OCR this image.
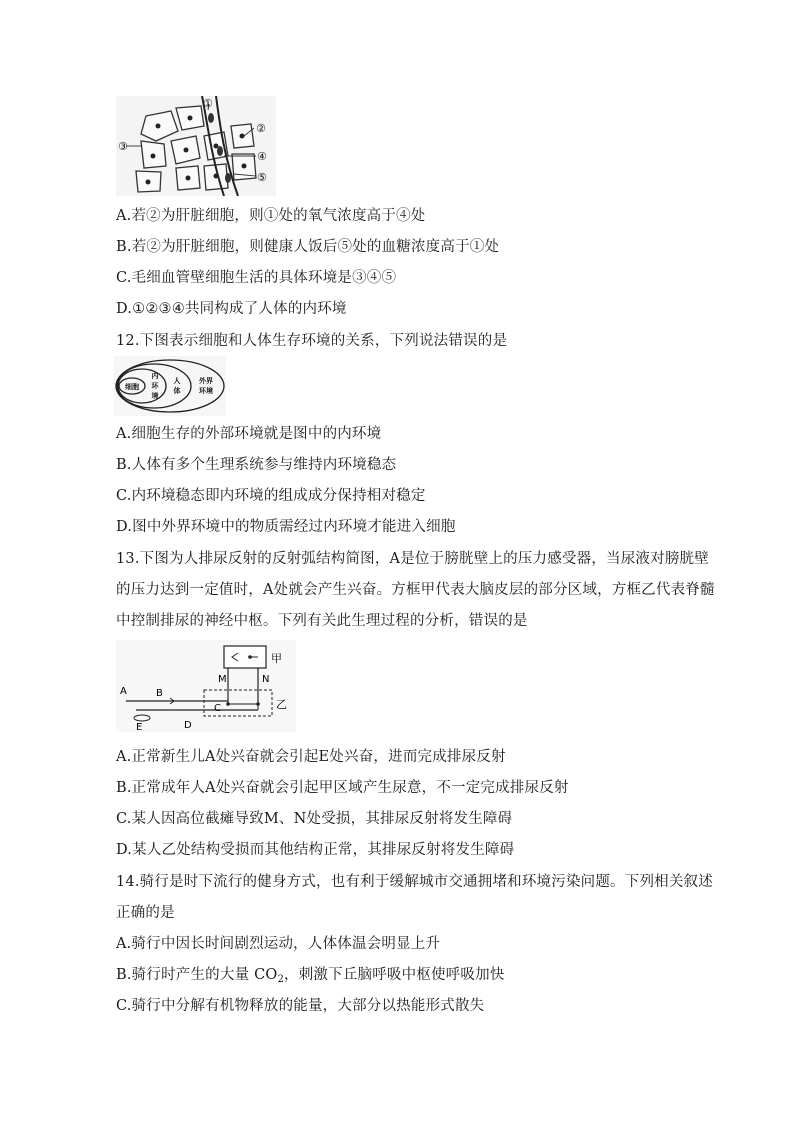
①
②
③
④
⑤
A.若②为肝脏细胞，则①处的氧气浓度高于④处
B.若②为肝脏细胞，则健康人饭后⑤处的血糖浓度高于①处
C.毛细血管壁细胞生活的具体环境是③④⑤
D.①②③④共同构成了人体的内环境
12.下图表示细胞和人体生存环境的关系，下列说法错误的是
细胞
内
环
境
人
体
外界
环境
A.细胞生存的外部环境就是图中的内环境
B.人体有多个生理系统参与维持内环境稳态
C.内环境稳态即内环境的组成成分保持相对稳定
D.图中外界环境中的物质需经过内环境才能进入细胞
13.下图为人排尿反射的反射弧结构简图，A是位于膀胱壁上的压力感受器，当尿液对膀胱壁
的压力达到一定值时，A处就会产生兴奋。方框甲代表大脑皮层的部分区域，方框乙代表脊髓
中控制排尿的神经中枢。下列有关此生理过程的分析，错误的是
甲
M	N
乙
A	B
C
D
E
A.正常新生儿A处兴奋就会引起E处兴奋，进而完成排尿反射
B.正常成年人A处兴奋就会引起甲区域产生尿意，不一定完成排尿反射
C.某人因高位截瘫导致M、N处受损，其排尿反射将发生障碍
D.某人乙处结构受损而其他结构正常，其排尿反射将发生障碍
14.骑行是时下流行的健身方式，也有利于缓解城市交通拥堵和环境污染问题。下列相关叙述
正确的是
A.骑行中因长时间剧烈运动，人体体温会明显上升
B.骑行时产生的大量 $CO_2$，刺激下丘脑呼吸中枢使呼吸加快
C.骑行中分解有机物释放的能量，大部分以热能形式散失
